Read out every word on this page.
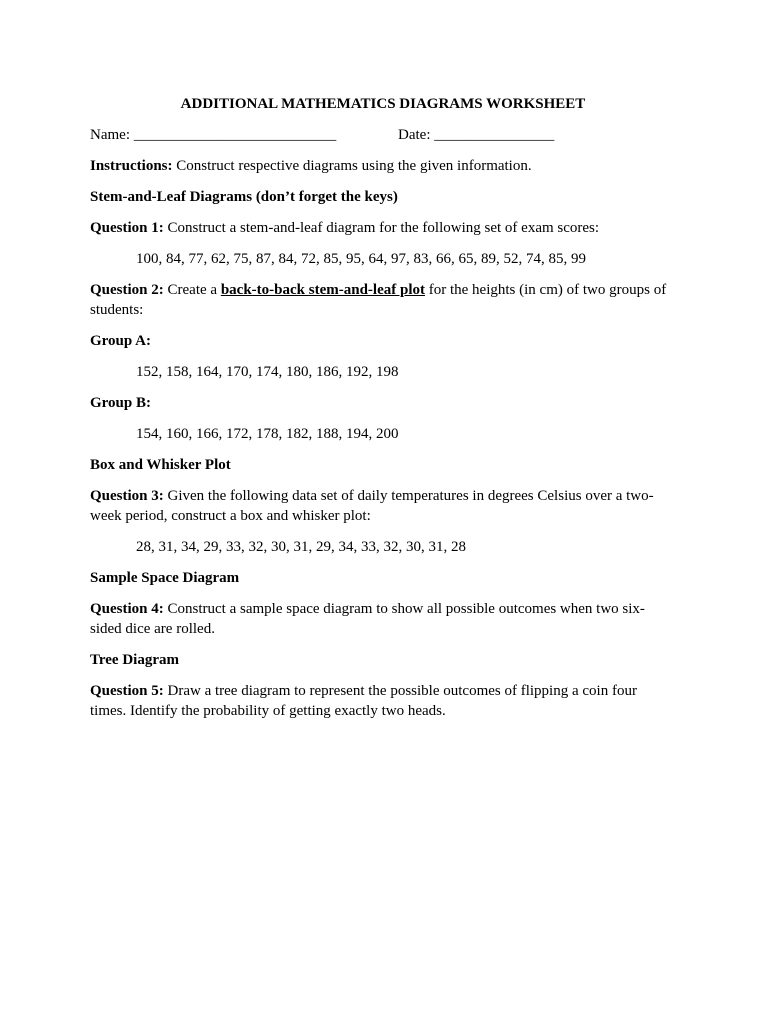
ADDITIONAL MATHEMATICS DIAGRAMS WORKSHEET
Name: ___________________________	Date: ________________
Instructions: Construct respective diagrams using the given information.
Stem-and-Leaf Diagrams (don’t forget the keys)
Question 1: Construct a stem-and-leaf diagram for the following set of exam scores:
100, 84, 77, 62, 75, 87, 84, 72, 85, 95, 64, 97, 83, 66, 65, 89, 52, 74, 85, 99
Question 2: Create a back-to-back stem-and-leaf plot for the heights (in cm) of two groups of students:
Group A:
152, 158, 164, 170, 174, 180, 186, 192, 198
Group B:
154, 160, 166, 172, 178, 182, 188, 194, 200
Box and Whisker Plot
Question 3: Given the following data set of daily temperatures in degrees Celsius over a two-week period, construct a box and whisker plot:
28, 31, 34, 29, 33, 32, 30, 31, 29, 34, 33, 32, 30, 31, 28
Sample Space Diagram
Question 4: Construct a sample space diagram to show all possible outcomes when two six-sided dice are rolled.
Tree Diagram
Question 5: Draw a tree diagram to represent the possible outcomes of flipping a coin four times. Identify the probability of getting exactly two heads.
